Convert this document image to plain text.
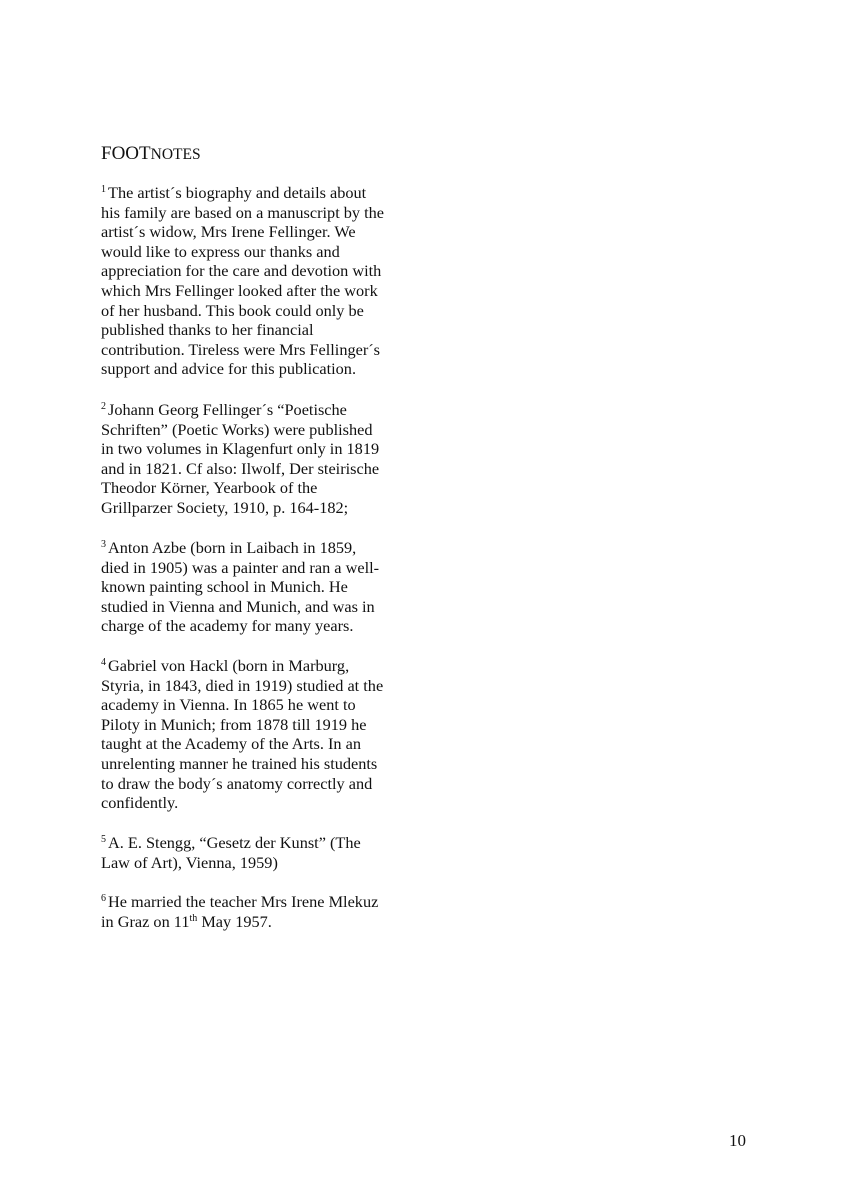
FOOTNOTES
$^1$ The artist´s biography and details about
his family are based on a manuscript by the
artist´s widow, Mrs Irene Fellinger. We
would like to express our thanks and
appreciation for the care and devotion with
which Mrs Fellinger looked after the work
of her husband. This book could only be
published thanks to her financial
contribution. Tireless were Mrs Fellinger´s
support and advice for this publication.
$^2$ Johann Georg Fellinger´s “Poetische
Schriften” (Poetic Works) were published
in two volumes in Klagenfurt only in 1819
and in 1821. Cf also: Ilwolf, Der steirische
Theodor Körner, Yearbook of the
Grillparzer Society, 1910, p. 164-182;
$^3$ Anton Azbe (born in Laibach in 1859,
died in 1905) was a painter and ran a well-
known painting school in Munich. He
studied in Vienna and Munich, and was in
charge of the academy for many years.
$^4$ Gabriel von Hackl (born in Marburg,
Styria, in 1843, died in 1919) studied at the
academy in Vienna. In 1865 he went to
Piloty in Munich; from 1878 till 1919 he
taught at the Academy of the Arts. In an
unrelenting manner he trained his students
to draw the body´s anatomy correctly and
confidently.
$^5$ A. E. Stengg, “Gesetz der Kunst” (The
Law of Art), Vienna, 1959)
$^6$ He married the teacher Mrs Irene Mlekuz
in Graz on 11th May 1957.
10
